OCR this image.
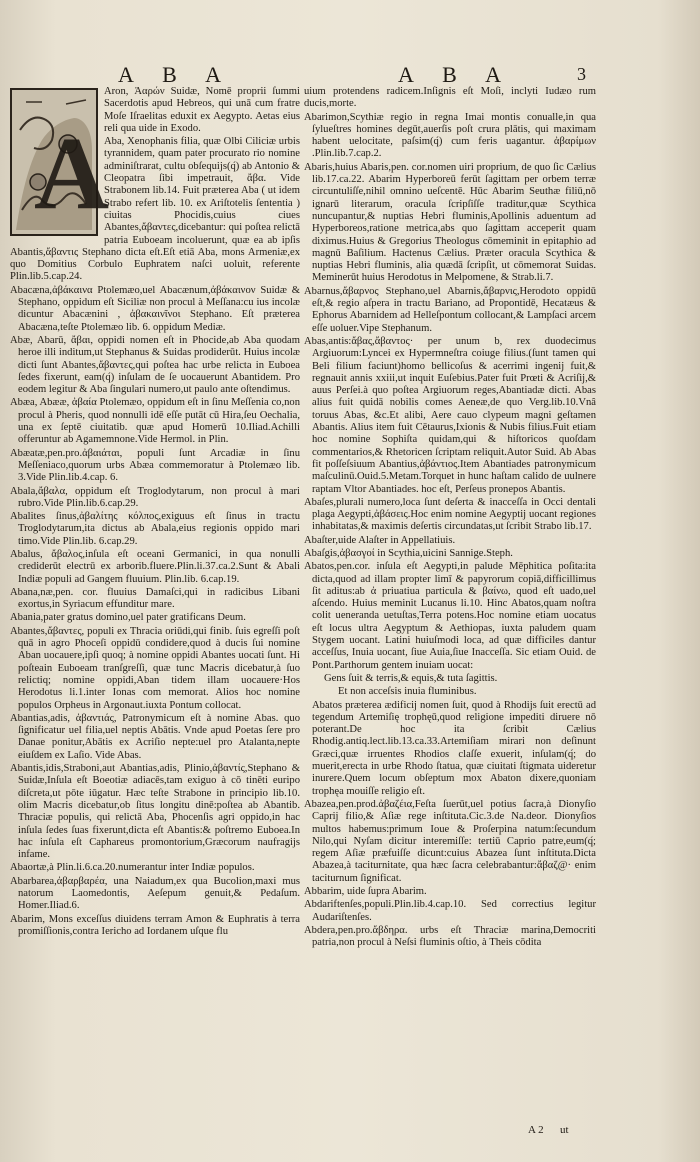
A B A	A B A	3
A

Aron, Ἀαρών Suidæ, Nomē proprii ſummi Sacerdotis apud Hebreos, qui unā cum fratre Moſe Iſraelitas eduxit ex Aegypto. Aetas eius reli qua uide in Exodo.

Aba, Xenophanis filia, quæ Olbi Ciliciæ urbis tyrannidem, quam pater procurato rio nomine adminiſtrarat, cultu obſequijs(q́) ab Antonio & Cleopatra ſibi impetrauit, ἄβα. Vide Strabonem lib.14. Fuit præterea Aba ( ut idem Strabo refert lib. 10. ex Ariſtotelis ſententia ) ciuitas Phocidis,cuius ciues Abantes,ἄβαντες,dicebantur: qui poſtea relictā patria Euboeam incoluerunt, quæ ea ab ipſis Abantis,ἄβαντις Stephano dicta eſt.Eſt etiā Aba, mons Armeniæ,ex quo Domitius Corbulo Euphratem naſci uoluit, referente Plin.lib.5.cap.24.

Abacæna,ἀβάκαινα Ptolemæo,uel Abacænum,ἀβάκαινον Suidæ & Stephano, oppidum eſt Siciliæ non procul à Meſſana:cu ius incolæ dicuntur Abacænini , ἀβακαινῖνοι Stephano. Eſt præterea Abacæna,teſte Ptolemæo lib. 6. oppidum Mediæ.

Abæ, Abarū, ἄβαι, oppidi nomen eſt in Phocide,ab Aba quodam heroe illi inditum,ut Stephanus & Suidas prodiderūt. Huius incolæ dicti ſunt Abantes,ἄβαντες,qui poſtea hac urbe relicta in Euboea ſedes fixerunt, eam(q́) inſulam de ſe uocauerunt Abantidem. Pro eodem legitur & Aba ſingulari numero,ut paulo ante oſtendimus.

Abæa, Abææ, ἀβαία Ptolemæo, oppidum eſt in ſinu Meſſenia co,non procul à Pheris, quod nonnulli idē eſſe putāt cū Hira,ſeu Oechalia, una ex ſeptē ciuitatib. quæ apud Homerū 10.Iliad.Achilli offeruntur ab Agamemnone.Vide Hermol. in Plin.

Abæatæ,pen.pro.ἀβαιάται, populi ſunt Arcadiæ in ſinu Meſſeniaco,quorum urbs Abæa commemoratur à Ptolemæo lib. 3.Vide Plin.lib.4.cap. 6.

Abala,ἄβαλα, oppidum eſt Troglodytarum, non procul à mari rubro.Vide Plin.lib.6.cap.29.

Abalites ſinus,ἀβαλίτης κόλπος,exiguus eſt ſinus in tractu Troglodytarum,ita dictus ab Abala,eius regionis oppido mari timo.Vide Plin.lib. 6.cap.29.

Abalus, ἄβαλος,inſula eſt oceani Germanici, in qua nonulli crediderūt electrū ex arborib.fluere.Plin.li.37.ca.2.Sunt & Abali Indiæ populi ad Gangem fluuium. Plin.lib. 6.cap.19.

Abana,næ,pen. cor. fluuius Damaſci,qui in radicibus Libani exortus,in Syriacum effunditur mare.

Abania,pater gratus domino,uel pater gratificans Deum.

Abantes,ἄβαντες, populi ex Thracia oriūdi,qui finib. ſuis egreſſi poſt quā in agro Phoceſi oppidū condidere,quod à ducis ſui nomine Aban uocauere,ipſi quoq; à nomine oppidi Abantes uocati ſunt. Hi poſteain Euboeam tranſgreſſi, quæ tunc Macris dicebatur,à ſuo relictiq; nomine oppidi,Aban tidem illam uocauere·Hos Herodotus li.1.inter Ionas com memorat. Alios hoc nomine populos Orpheus in Argonaut.iuxta Pontum collocat.

Abantias,adis, ἀβαντιάς, Patronymicum eſt à nomine Abas. quo ſignificatur uel filia,uel neptis Abātis. Vnde apud Poetas ſere pro Danae ponitur,Abātis ex Acriſio nepte:uel pro Atalanta,nepte eiuſdem ex Laſio. Vide Abas.

Abantis,idis,Straboni,aut Abantias,adis, Plinio,ἀβαντίς,Stephano & Suidæ,Inſula eſt Boeotiæ adiacēs,tam exiguo à cō tinēti euripo diſcreta,ut pōte iūgatur. Hæc teſte Strabone in principio lib.10. olim Macris dicebatur,ob ſitus longitu dinē:poſtea ab Abantib. Thraciæ populis, qui relictā Aba, Phocenſis agri oppido,in hac inſula ſedes ſuas fixerunt,dicta eſt Abantis:& poſtremo Euboea.In hac inſula eſt Caphareus promontorium,Græcorum naufragijs infame.

Abaortæ,à Plin.li.6.ca.20.numerantur inter Indiæ populos.

Abarbarea,ἀβαρβαρέα, una Naiadum,ex qua Bucolion,maxi mus natorum Laomedontis, Aeſepum genuit,& Pedaſum. Homer.Iliad.6.

Abarim, Mons exceſſus diuidens terram Amon & Euphratis à terra promiſſionis,contra Iericho ad Iordanem uſque flu

uium protendens radicem.Inſignis eſt Moſi, inclyti Iudæo rum ducis,morte.

Abarimon,Scythiæ regio in regna Imai montis conualle,in qua ſylueſtres homines degūt,auerſis poſt crura plātis, qui maximam habent uelocitate, paſsim(q́) cum feris uagantur. ἀβαρίμων .Plin.lib.7.cap.2.

Abaris,huius Abaris,pen. cor.nomen uiri proprium, de quo ſic Cælius lib.17.ca.22. Abarim Hyperboreū ferūt ſagittam per orbem terræ circuntuliſſe,nihil omnino ueſcentē. Hūc Abarim Seuthæ filiū,nō ignarū literarum, oracula ſcripſiſſe traditur,quæ Scythica nuncupantur,& nuptias Hebri fluminis,Apollinis aduentum ad Hyperboreos,ratione metrica,abs quo ſagittam acceperit quam diximus.Huius & Gregorius Theologus cōmeminit in epitaphio ad magnū Baſilium. Hactenus Cælius. Præter oracula Scythica & nuptias Hebri fluminis, alia quædā ſcripſit, ut cōmemorat Suidas. Meminerūt huius Herodotus in Melpomene, & Strab.li.7.

Abarnus,ἄβαρνος Stephano,uel Abarnis,ἄβαρνις,Herodoto oppidū eſt,& regio aſpera in tractu Bariano, ad Propontidē, Hecatæus & Ephorus Abarnidem ad Helleſpontum collocant,& Lampſaci arcem eſſe uoluer.Vipe Stephanum.

Abas,antis:ἄβας,ἄβαντος· per unum b, rex duodecimus Argiuorum:Lyncei ex Hypermneſtra coiuge filius.(ſunt tamen qui Beli filium faciunt)homo bellicoſus & acerrimi ingenij fuit,& regnauit annis xxiii,ut inquit Euſebius.Pater fuit Prœti & Acriſij,& auus Perſei.à quo poſtea Argiuorum reges,Abantiadæ dicti. Abas alius fuit quidā nobilis comes Aeneæ,de quo Verg.lib.10.Vnâ toruus Abas, &c.Et alibi, Aere cauo clypeum magni geſtamen Abantis. Alius item fuit Cētaurus,Ixionis & Nubis filius.Fuit etiam hoc nomine Sophiſta quidam,qui & hiſtoricos quoſdam commentarios,& Rhetoricen ſcriptam reliquit.Autor Suid. Ab Abas fit poſſeſsiuum Abantius,ἀβάντιος.Item Abantiades patronymicum maſculinū.Ouid.5.Metam.Torquet in hunc haſtam calido de uulnere raptam Vltor Abantiades. hoc eſt, Perſeus pronepos Abantis.

Abaſes,plurali numero,loca ſunt deſerta & inacceſſa in Occi dentali plaga Aegypti,ἀβάσεις.Hoc enim nomine Aegyptij uocant regiones inhabitatas,& maximis deſertis circundatas,ut ſcribit Strabo lib.17.

Abaſter,uide Alaſter in Appellatiuis.

Abaſgis,ἀβασγοί in Scythia,uicini Sannige.Steph.

Abatos,pen.cor. inſula eſt Aegypti,in palude Mēphitica poſita:ita dicta,quod ad illam propter limī & papyrorum copiā,difficillimus ſit aditus:ab ἀ priuatiua particula & βαίνω, quod eſt uado,uel aſcendo. Huius meminit Lucanus li.10. Hinc Abatos,quam noſtra colit ueneranda uetuſtas,Terra potens.Hoc nomine etiam uocatus eſt locus ultra Aegyptum & Aethiopas, iuxta paludem quam Stygem uocant. Latini huiuſmodi loca, ad quæ difficiles dantur acceſſus, Inuia uocant, ſiue Auia,ſiue Inacceſſa. Sic etiam Ouid. de Pont.Parthorum gentem inuiam uocat:

Gens ſuit & terris,& equis,& tuta ſagittis.

Et non acceſsis inuia fluminibus.

Abatos præterea ædificij nomen ſuit, quod à Rhodijs ſuit erectū ad tegendum Artemiſię trophęū,quod religione impediti diruere nō poterant.De hoc ita ſcribit Cælius Rhodig.antiq.lect.lib.13.ca.33.Artemiſiam mirari non deſinunt Græci,quæ irruentes Rhodios claſſe exuerit, inſulam(q́; do muerit,erecta in urbe Rhodo ſtatua, quæ ciuitati ſtigmata uideretur inurere.Quem locum obſeptum mox Abaton dixere,quoniam trophęa mouiſſe religio eſt.

Abazea,pen.prod.ἀβαζέια,Feſta ſuerūt,uel potius ſacra,à Dionyſio Caprij filio,& Aſiæ rege inſtituta.Cic.3.de Na.deor. Dionyſios multos habemus:primum Ioue & Proſerpina natum:ſecundum Nilo,qui Nyſam dicitur interemiſſe: tertiū Caprio patre,eum(q́; regem Aſiæ præfuiſſe dicunt:cuius Abazea ſunt inſtituta.Dicta Abazea,à taciturnitate, qua hæc ſacra celebrabantur:ἄβαζ@· enim taciturnum ſignificat.

Abbarim, uide ſupra Abarim.

Abdariftenſes,populi.Plin.lib.4.cap.10. Sed correctius legitur Audariſtenſes.

Abdera,pen.pro.ἄβδηρα. urbs eſt Thraciæ marina,Democriti patria,non procul à Neſsi fluminis oſtio, à Theis cōdita

A 2 ut
